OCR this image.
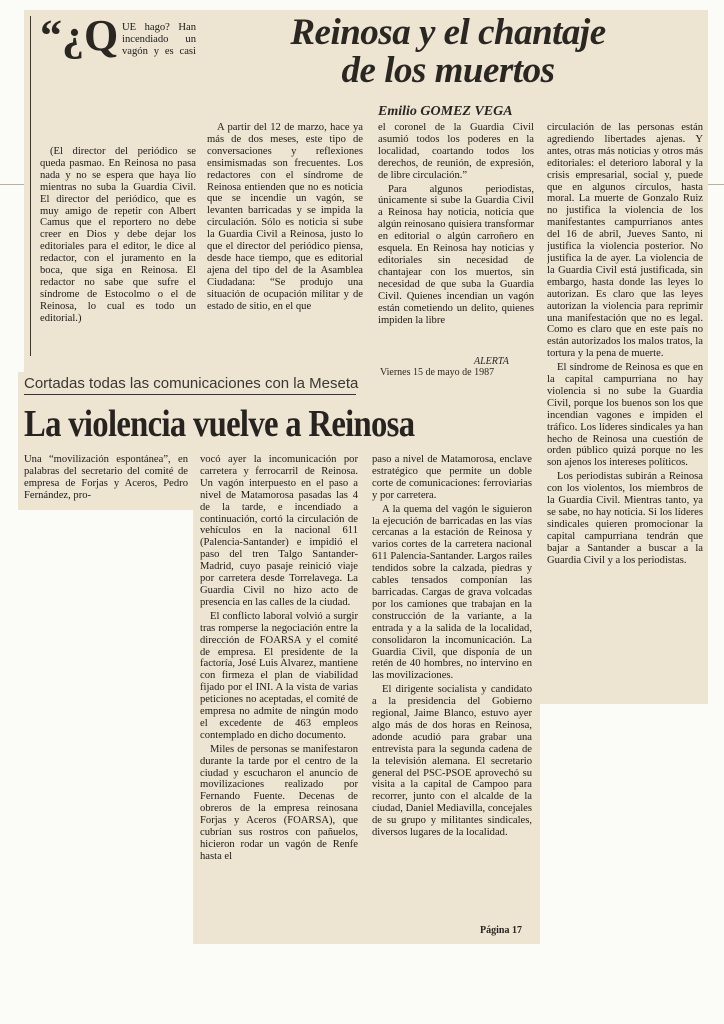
Reinosa y el chantaje
de los muertos
Emilio GOMEZ VEGA
“¿Q UE hago? Han incendiado un vagón y es casi

(El director del periódico se queda pasmao. En Reinosa no pasa nada y no se espera que haya lío mientras no suba la Guardia Civil. El director del periódico, que es muy amigo de repetir con Albert Camus que el reportero no debe creer en Dios y debe dejar los editoriales para el editor, le dice al redactor, con el juramento en la boca, que siga en Reinosa. El redactor no sabe que sufre el síndrome de Estocolmo o el de Reinosa, lo cual es todo un editorial.)

A partir del 12 de marzo, hace ya más de dos meses, este tipo de conversaciones y reflexiones ensimismadas son frecuentes. Los redactores con el síndrome de Reinosa entienden que no es noticia que se incendie un vagón, se levanten barricadas y se impida la circulación. Sólo es noticia si sube la Guardia Civil a Reinosa, justo lo que el director del periódico piensa, desde hace tiempo, que es editorial ajena del tipo del de la Asamblea Ciudadana: “Se produjo una situación de ocupación militar y de estado de sitio, en el que

el coronel de la Guardia Civil asumió todos los poderes en la localidad, coartando todos los derechos, de reunión, de expresión, de libre circulación.”

Para algunos periodistas, únicamente si sube la Guardia Civil a Reinosa hay noticia, noticia que algún reinosano quisiera transformar en editorial o algún carroñero en esquela. En Reinosa hay noticias y editoriales sin necesidad de chantajear con los muertos, sin necesidad de que suba la Guardia Civil. Quienes incendian un vagón están cometiendo un delito, quienes impiden la libre

ALERTA
Viernes 15 de mayo de 1987

circulación de las personas están agrediendo libertades ajenas. Y antes, otras más noticias y otros más editoriales: el deterioro laboral y la crisis empresarial, social y, puede que en algunos círculos, hasta moral. La muerte de Gonzalo Ruiz no justifica la violencia de los manifestantes campurrianos antes del 16 de abril, Jueves Santo, ni justifica la violencia posterior. No justifica la de ayer. La violencia de la Guardia Civil está justificada, sin embargo, hasta donde las leyes lo autorizan. Es claro que las leyes autorizan la violencia para reprimir una manifestación que no es legal. Como es claro que en este país no están autorizados los malos tratos, la tortura y la pena de muerte.

El síndrome de Reinosa es que en la capital campurriana no hay violencia si no sube la Guardia Civil, porque los buenos son los que incendian vagones e impiden el tráfico. Los líderes sindicales ya han hecho de Reinosa una cuestión de orden público quizá porque no les son ajenos los intereses políticos.

Los periodistas subirán a Reinosa con los violentos, los miembros de la Guardia Civil. Mientras tanto, ya se sabe, no hay noticia. Si los líderes sindicales quieren promocionar la capital campurriana tendrán que bajar a Santander a buscar a la Guardia Civil y a los periodistas.

Cortadas todas las comunicaciones con la Meseta
La violencia vuelve a Reinosa

Una “movilización espontánea”, en palabras del secretario del comité de empresa de Forjas y Aceros, Pedro Fernández, pro-

vocó ayer la incomunicación por carretera y ferrocarril de Reinosa. Un vagón interpuesto en el paso a nivel de Matamorosa pasadas las 4 de la tarde, e incendiado a continuación, cortó la circulación de vehículos en la nacional 611 (Palencia-Santander) e impidió el paso del tren Talgo Santander-Madrid, cuyo pasaje reinició viaje por carretera desde Torrelavega. La Guardia Civil no hizo acto de presencia en las calles de la ciudad.

El conflicto laboral volvió a surgir tras romperse la negociación entre la dirección de FOARSA y el comité de empresa. El presidente de la factoría, José Luis Alvarez, mantiene con firmeza el plan de viabilidad fijado por el INI. A la vista de varias peticiones no aceptadas, el comité de empresa no admite de ningún modo el excedente de 463 empleos contemplado en dicho documento.

Miles de personas se manifestaron durante la tarde por el centro de la ciudad y escucharon el anuncio de movilizaciones realizado por Fernando Fuente. Decenas de obreros de la empresa reinosana Forjas y Aceros (FOARSA), que cubrían sus rostros con pañuelos, hicieron rodar un vagón de Renfe hasta el

paso a nivel de Matamorosa, enclave estratégico que permite un doble corte de comunicaciones: ferroviarias y por carretera.

A la quema del vagón le siguieron la ejecución de barricadas en las vías cercanas a la estación de Reinosa y varios cortes de la carretera nacional 611 Palencia-Santander. Largos railes tendidos sobre la calzada, piedras y cables tensados componían las barricadas. Cargas de grava volcadas por los camiones que trabajan en la construcción de la variante, a la entrada y a la salida de la localidad, consolidaron la incomunicación. La Guardia Civil, que disponía de un retén de 40 hombres, no intervino en las movilizaciones.

El dirigente socialista y candidato a la presidencia del Gobierno regional, Jaime Blanco, estuvo ayer algo más de dos horas en Reinosa, adonde acudió para grabar una entrevista para la segunda cadena de la televisión alemana. El secretario general del PSC-PSOE aprovechó su visita a la capital de Campoo para recorrer, junto con el alcalde de la ciudad, Daniel Mediavilla, concejales de su grupo y militantes sindicales, diversos lugares de la localidad.

Página 17
